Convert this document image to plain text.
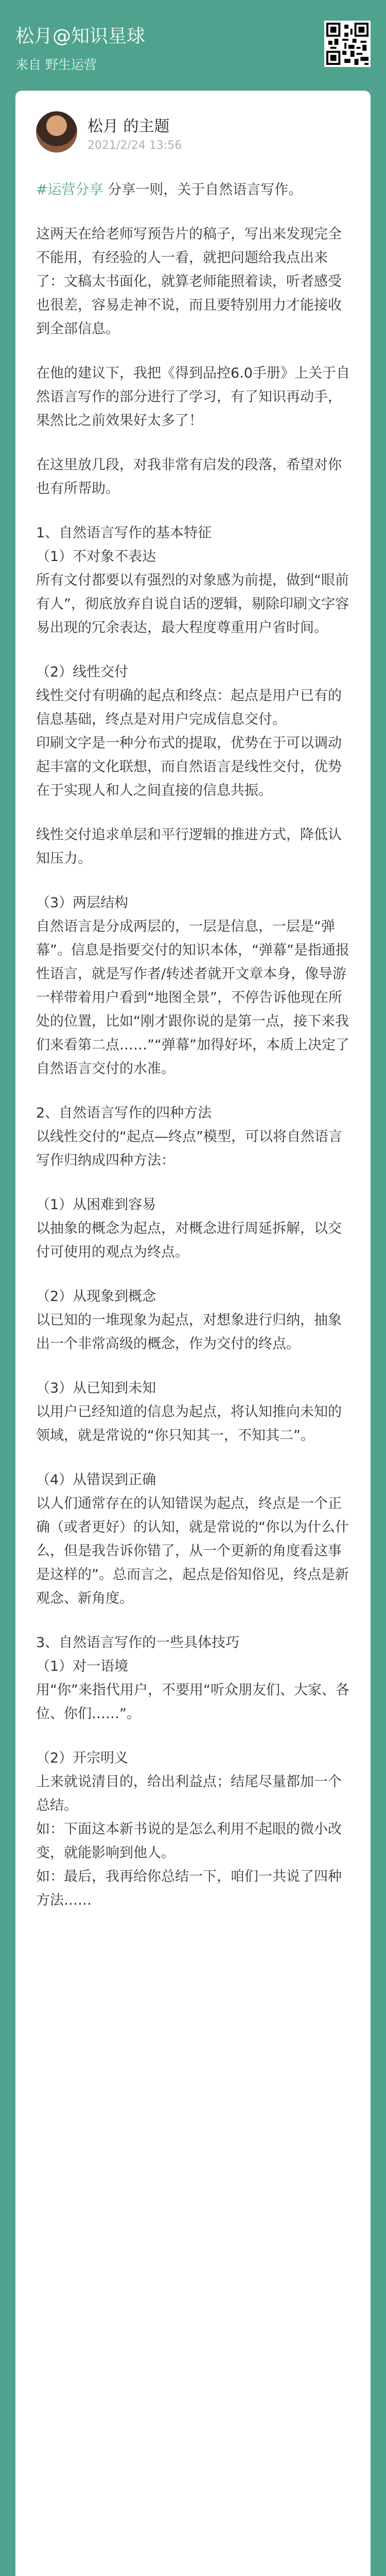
松月@知识星球
来自 野生运营
松月 的主题
2021/2/24 13:56

#运营分享 分享一则，关于自然语言写作。

这两天在给老师写预告片的稿子，写出来发现完全不能用，有经验的人一看，就把问题给我点出来了：文稿太书面化，就算老师能照着读，听者感受也很差，容易走神不说，而且要特别用力才能接收到全部信息。

在他的建议下，我把《得到品控6.0手册》上关于自然语言写作的部分进行了学习，有了知识再动手，果然比之前效果好太多了！

在这里放几段，对我非常有启发的段落，希望对你也有所帮助。

1、自然语言写作的基本特征
（1）不对象不表达
所有文付都要以有强烈的对象感为前提，做到“眼前有人”，彻底放弃自说自话的逻辑，剔除印刷文字容易出现的冗余表达，最大程度尊重用户省时间。

（2）线性交付
线性交付有明确的起点和终点：起点是用户已有的信息基础，终点是对用户完成信息交付。
印刷文字是一种分布式的提取，优势在于可以调动起丰富的文化联想，而自然语言是线性交付，优势在于实现人和人之间直接的信息共振。

线性交付追求单层和平行逻辑的推进方式，降低认知压力。

（3）两层结构
自然语言是分成两层的，一层是信息，一层是“弹幕”。信息是指要交付的知识本体，“弹幕”是指通报性语言，就是写作者/转述者就开文章本身，像导游一样带着用户看到“地图全景”，不停告诉他现在所处的位置，比如“刚才跟你说的是第一点，接下来我们来看第二点……”“弹幕”加得好坏，本质上决定了自然语言交付的水准。

2、自然语言写作的四种方法
以线性交付的“起点—终点”模型，可以将自然语言写作归纳成四种方法：

（1）从困难到容易
以抽象的概念为起点，对概念进行周延拆解，以交付可使用的观点为终点。

（2）从现象到概念
以已知的一堆现象为起点，对想象进行归纳，抽象出一个非常高级的概念，作为交付的终点。

（3）从已知到未知
以用户已经知道的信息为起点，将认知推向未知的领域，就是常说的“你只知其一，不知其二”。

（4）从错误到正确
以人们通常存在的认知错误为起点，终点是一个正确（或者更好）的认知，就是常说的“你以为什么什么，但是我告诉你错了，从一个更新的角度看这事是这样的”。总而言之，起点是俗知俗见，终点是新观念、新角度。

3、自然语言写作的一些具体技巧
（1）对一语境
用“你”来指代用户，不要用“听众朋友们、大家、各位、你们……”。

（2）开宗明义
上来就说清目的，给出利益点；结尾尽量都加一个总结。
如：下面这本新书说的是怎么利用不起眼的微小改变，就能影响到他人。
如：最后，我再给你总结一下，咱们一共说了四种方法……
